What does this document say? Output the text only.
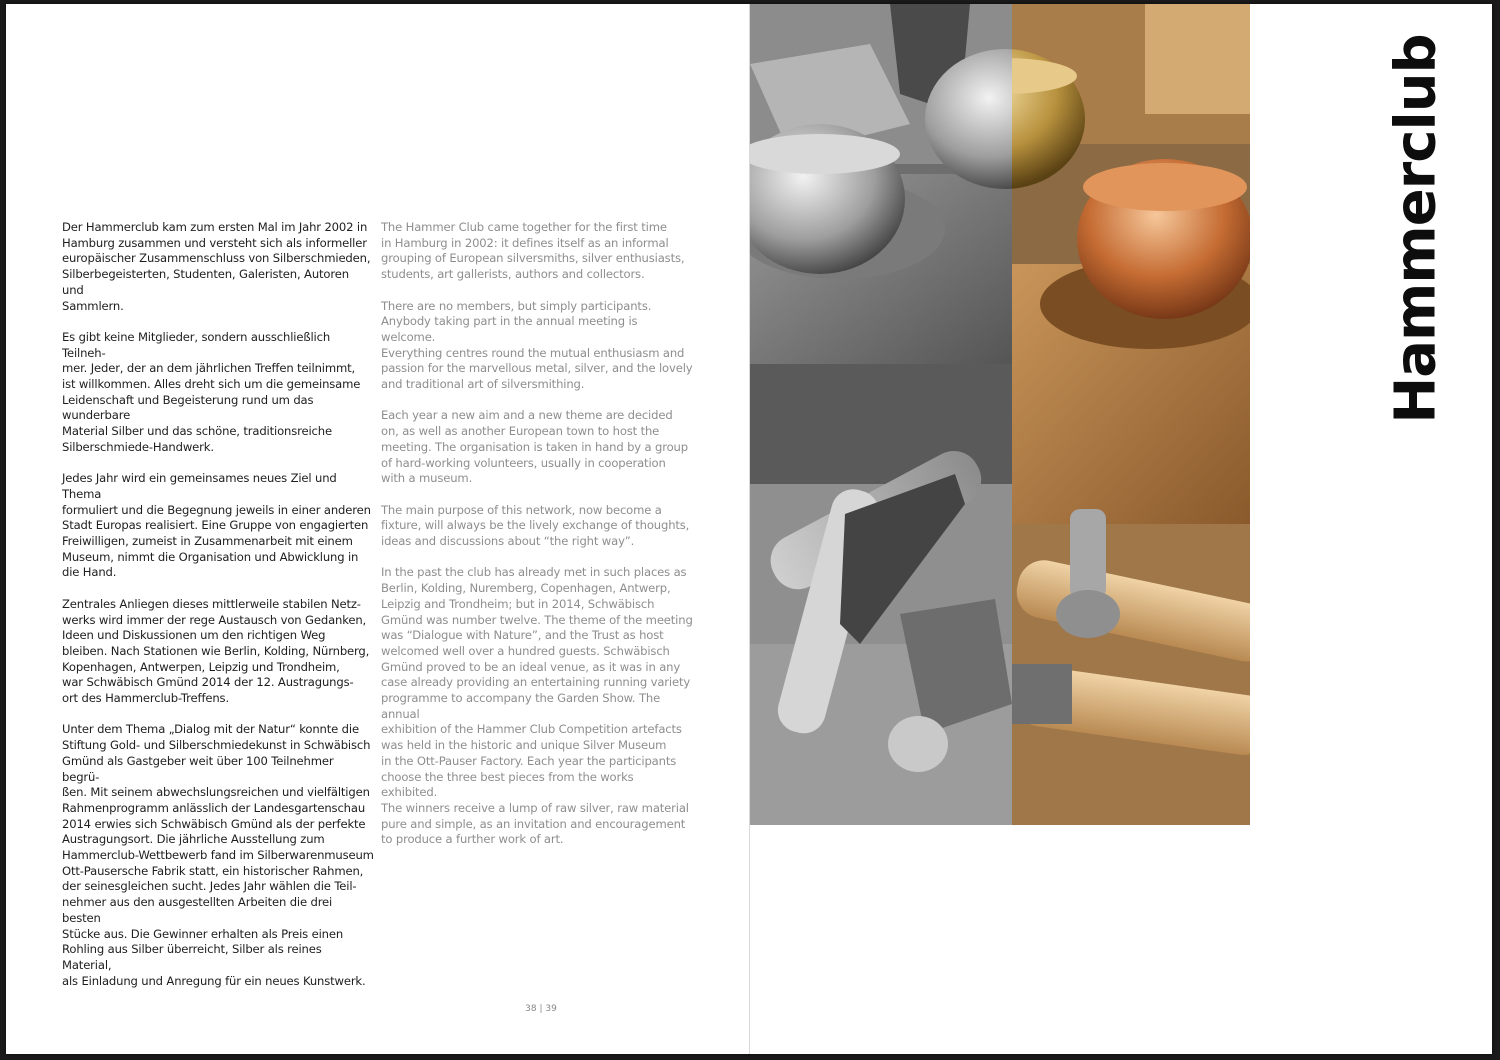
Der Hammerclub kam zum ersten Mal im Jahr 2002 in
Hamburg zusammen und versteht sich als informeller
europäischer Zusammenschluss von Silberschmieden,
Silberbegeisterten, Studenten, Galeristen, Autoren und
Sammlern.

Es gibt keine Mitglieder, sondern ausschließlich Teilneh-
mer. Jeder, der an dem jährlichen Treffen teilnimmt,
ist willkommen. Alles dreht sich um die gemeinsame
Leidenschaft und Begeisterung rund um das wunderbare
Material Silber und das schöne, traditionsreiche
Silberschmiede-Handwerk.

Jedes Jahr wird ein gemeinsames neues Ziel und Thema
formuliert und die Begegnung jeweils in einer anderen
Stadt Europas realisiert. Eine Gruppe von engagierten
Freiwilligen, zumeist in Zusammenarbeit mit einem
Museum, nimmt die Organisation und Abwicklung in
die Hand.

Zentrales Anliegen dieses mittlerweile stabilen Netz-
werks wird immer der rege Austausch von Gedanken,
Ideen und Diskussionen um den richtigen Weg
bleiben. Nach Stationen wie Berlin, Kolding, Nürnberg,
Kopenhagen, Antwerpen, Leipzig und Trondheim,
war Schwäbisch Gmünd 2014 der 12. Austragungs-
ort des Hammerclub-Treffens.

Unter dem Thema „Dialog mit der Natur“ konnte die
Stiftung Gold- und Silberschmiedekunst in Schwäbisch
Gmünd als Gastgeber weit über 100 Teilnehmer begrü-
ßen. Mit seinem abwechslungsreichen und vielfältigen
Rahmenprogramm anlässlich der Landesgartenschau
2014 erwies sich Schwäbisch Gmünd als der perfekte
Austragungsort. Die jährliche Ausstellung zum
Hammerclub-Wettbewerb fand im Silberwarenmuseum
Ott-Pausersche Fabrik statt, ein historischer Rahmen,
der seinesgleichen sucht. Jedes Jahr wählen die Teil-
nehmer aus den ausgestellten Arbeiten die drei besten
Stücke aus. Die Gewinner erhalten als Preis einen
Rohling aus Silber überreicht, Silber als reines Material,
als Einladung und Anregung für ein neues Kunstwerk.

The Hammer Club came together for the first time
in Hamburg in 2002: it defines itself as an informal
grouping of European silversmiths, silver enthusiasts,
students, art gallerists, authors and collectors.

There are no members, but simply participants.
Anybody taking part in the annual meeting is welcome.
Everything centres round the mutual enthusiasm and
passion for the marvellous metal, silver, and the lovely
and traditional art of silversmithing.

Each year a new aim and a new theme are decided
on, as well as another European town to host the
meeting. The organisation is taken in hand by a group
of hard-working volunteers, usually in cooperation
with a museum.

The main purpose of this network, now become a
fixture, will always be the lively exchange of thoughts,
ideas and discussions about “the right way”.

In the past the club has already met in such places as
Berlin, Kolding, Nuremberg, Copenhagen, Antwerp,
Leipzig and Trondheim; but in 2014, Schwäbisch
Gmünd was number twelve. The theme of the meeting
was “Dialogue with Nature”, and the Trust as host
welcomed well over a hundred guests. Schwäbisch
Gmünd proved to be an ideal venue, as it was in any
case already providing an entertaining running variety
programme to accompany the Garden Show. The annual
exhibition of the Hammer Club Competition artefacts
was held in the historic and unique Silver Museum
in the Ott-Pauser Factory. Each year the participants
choose the three best pieces from the works exhibited.
The winners receive a lump of raw silver, raw material
pure and simple, as an invitation and encouragement
to produce a further work of art.

38 | 39
Hammerclub
